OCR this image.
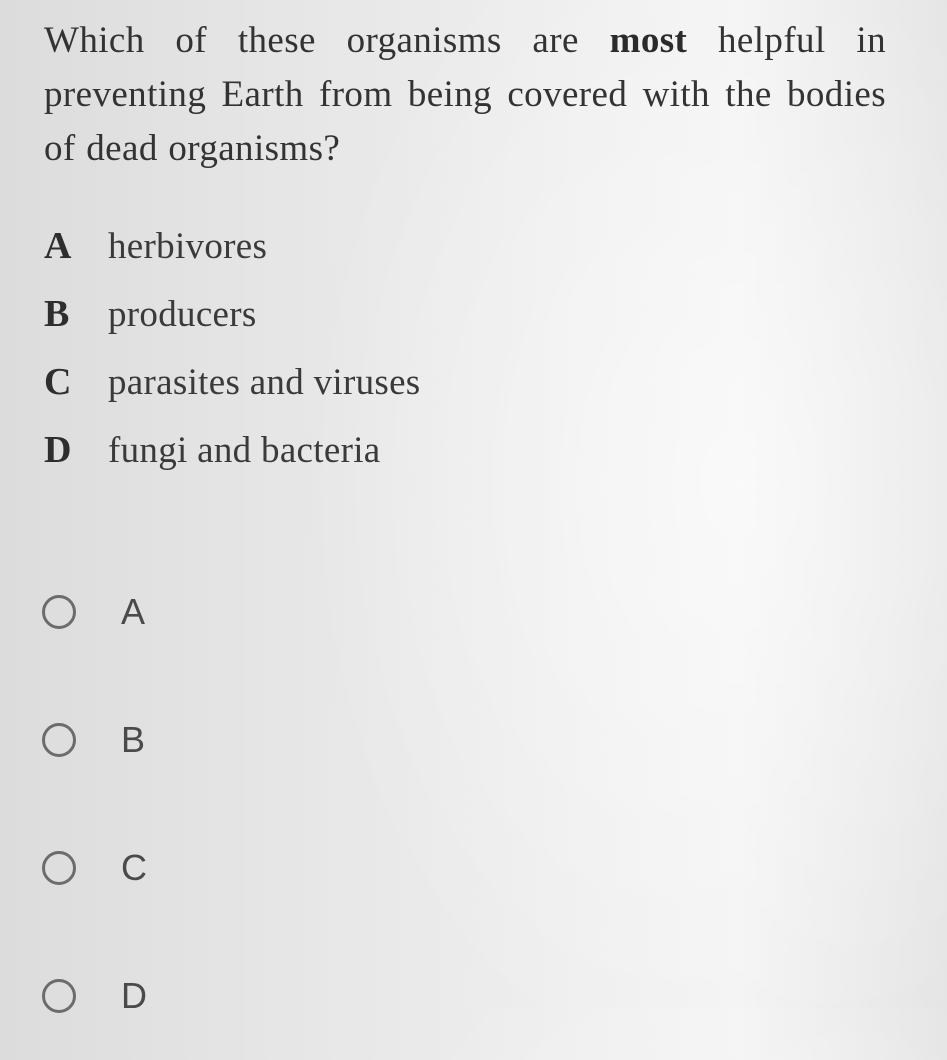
Which of these organisms are most helpful in preventing Earth from being covered with the bodies of dead organisms?

A herbivores
B	producers
C parasites and viruses
D fungi and bacteria
A
B
C
D
